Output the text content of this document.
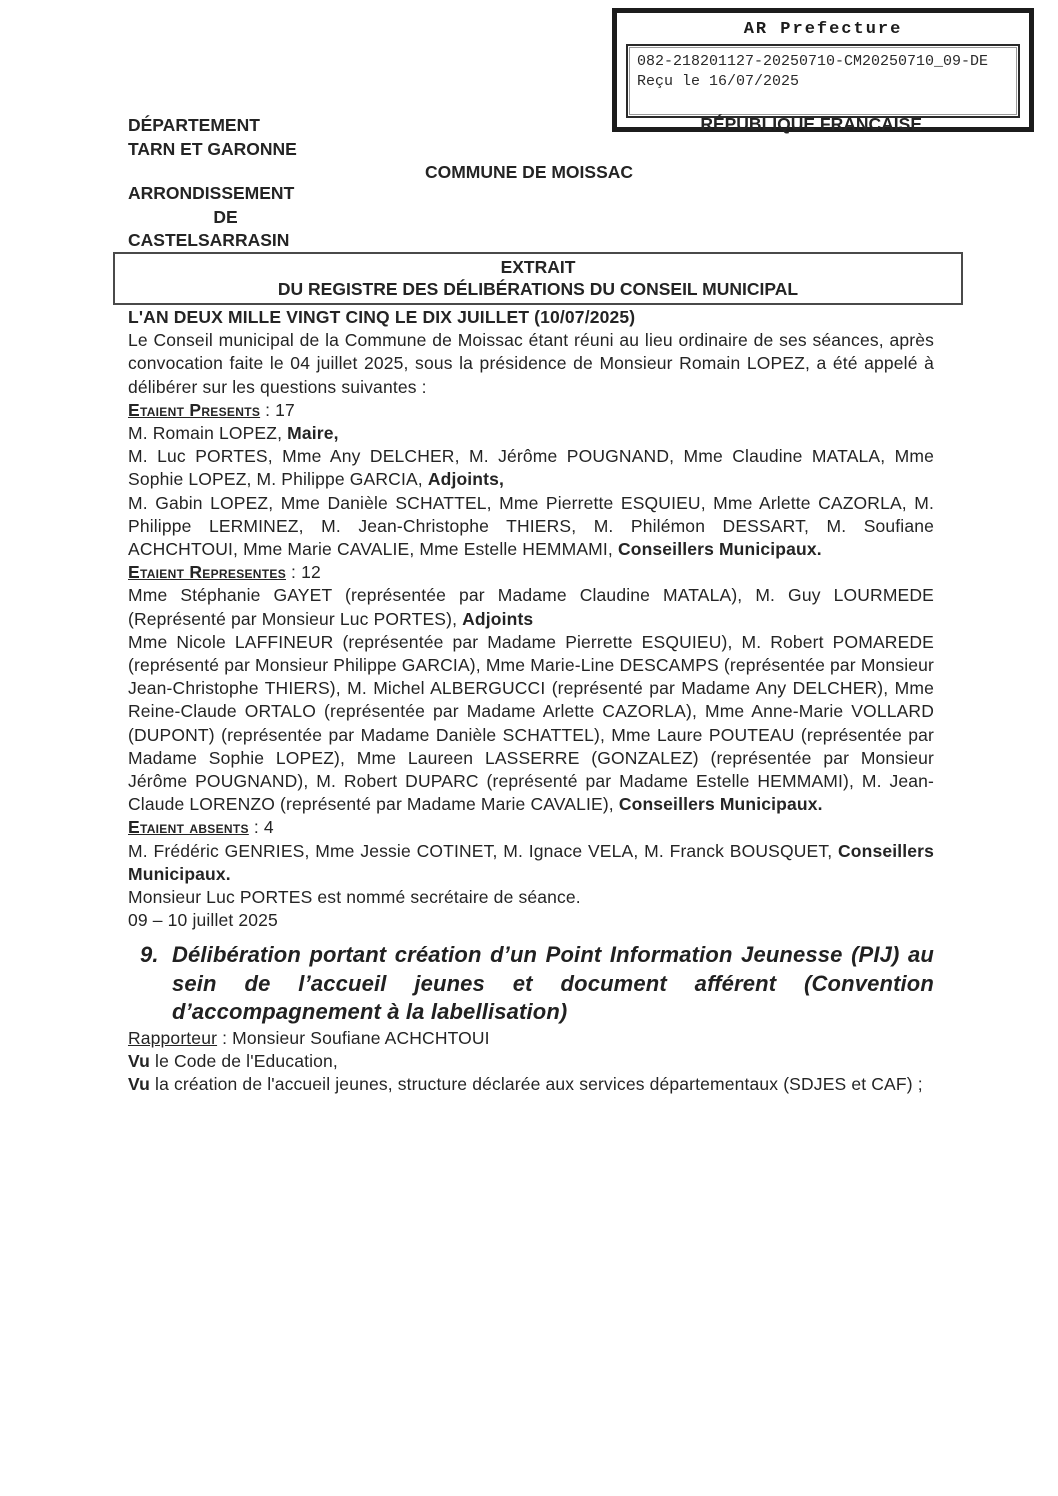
AR Prefecture
082-218201127-20250710-CM20250710_09-DE
Reçu le 16/07/2025
DÉPARTEMENT
TARN ET GARONNE
ARRONDISSEMENT
DE
CASTELSARRASIN
RÉPUBLIQUE FRANCAISE
COMMUNE DE MOISSAC
EXTRAIT
DU REGISTRE DES DÉLIBÉRATIONS DU CONSEIL MUNICIPAL

L'AN DEUX MILLE VINGT CINQ LE DIX JUILLET (10/07/2025)

Le Conseil municipal de la Commune de Moissac étant réuni au lieu ordinaire de ses séances, après convocation faite le 04 juillet 2025, sous la présidence de Monsieur Romain LOPEZ, a été appelé à délibérer sur les questions suivantes :

Etaient Presents : 17

M. Romain LOPEZ, Maire,

M. Luc PORTES, Mme Any DELCHER, M. Jérôme POUGNAND, Mme Claudine MATALA, Mme Sophie LOPEZ, M. Philippe GARCIA, Adjoints,

M. Gabin LOPEZ, Mme Danièle SCHATTEL, Mme Pierrette ESQUIEU, Mme Arlette CAZORLA, M. Philippe LERMINEZ, M. Jean-Christophe THIERS, M. Philémon DESSART, M. Soufiane ACHCHTOUI, Mme Marie CAVALIE, Mme Estelle HEMMAMI, Conseillers Municipaux.

Etaient Representes : 12

Mme Stéphanie GAYET (représentée par Madame Claudine MATALA), M. Guy LOURMEDE (Représenté par Monsieur Luc PORTES), Adjoints

Mme Nicole LAFFINEUR (représentée par Madame Pierrette ESQUIEU), M. Robert POMAREDE (représenté par Monsieur Philippe GARCIA), Mme Marie-Line DESCAMPS (représentée par Monsieur Jean-Christophe THIERS), M. Michel ALBERGUCCI (représenté par Madame Any DELCHER), Mme Reine-Claude ORTALO (représentée par Madame Arlette CAZORLA), Mme Anne-Marie VOLLARD (DUPONT) (représentée par Madame Danièle SCHATTEL), Mme Laure POUTEAU (représentée par Madame Sophie LOPEZ), Mme Laureen LASSERRE (GONZALEZ) (représentée par Monsieur Jérôme POUGNAND), M. Robert DUPARC (représenté par Madame Estelle HEMMAMI), M. Jean-Claude LORENZO (représenté par Madame Marie CAVALIE), Conseillers Municipaux.

Etaient absents : 4

M. Frédéric GENRIES, Mme Jessie COTINET, M. Ignace VELA, M. Franck BOUSQUET, Conseillers Municipaux.

Monsieur Luc PORTES est nommé secrétaire de séance.

09 – 10 juillet 2025

9. Délibération portant création d’un Point Information Jeunesse (PIJ) au sein de l’accueil jeunes et document afférent (Convention d’accompagnement à la labellisation)

Rapporteur : Monsieur Soufiane ACHCHTOUI

Vu le Code de l'Education,

Vu la création de l'accueil jeunes, structure déclarée aux services départementaux (SDJES et CAF) ;
